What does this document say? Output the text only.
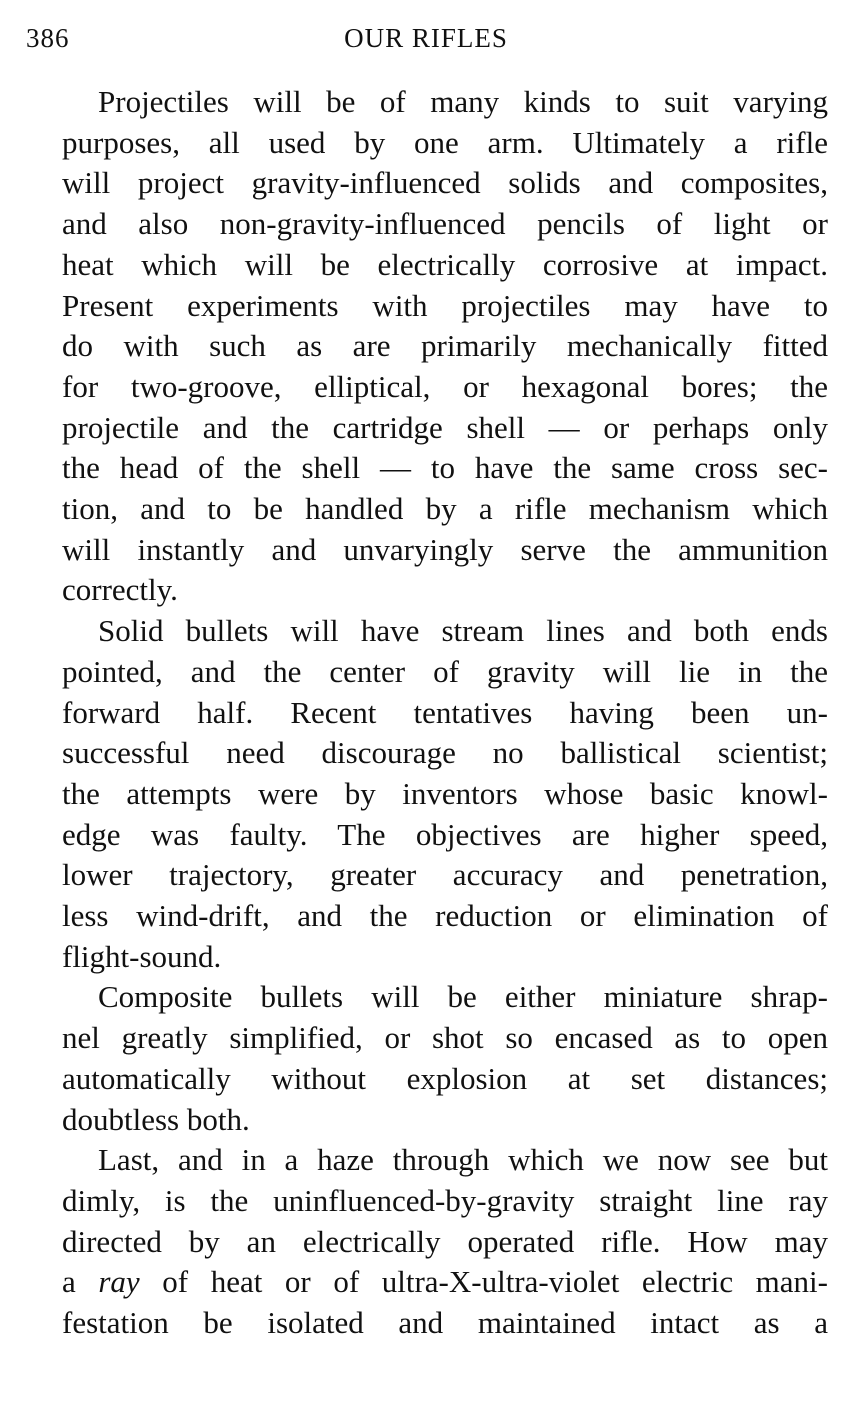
386	OUR RIFLES

Projectiles will be of many kinds to suit varying
purposes, all used by one arm. Ultimately a rifle
will project gravity-influenced solids and composites,
and also non-gravity-influenced pencils of light or
heat which will be electrically corrosive at impact.
Present experiments with projectiles may have to
do with such as are primarily mechanically fitted
for two-groove, elliptical, or hexagonal bores; the
projectile and the cartridge shell — or perhaps only
the head of the shell — to have the same cross sec-
tion, and to be handled by a rifle mechanism which
will instantly and unvaryingly serve the ammunition
correctly.

Solid bullets will have stream lines and both ends
pointed, and the center of gravity will lie in the
forward half. Recent tentatives having been un-
successful need discourage no ballistical scientist;
the attempts were by inventors whose basic knowl-
edge was faulty. The objectives are higher speed,
lower trajectory, greater accuracy and penetration,
less wind-drift, and the reduction or elimination of
flight-sound.

Composite bullets will be either miniature shrap-
nel greatly simplified, or shot so encased as to open
automatically without explosion at set distances;
doubtless both.

Last, and in a haze through which we now see but
dimly, is the uninfluenced-by-gravity straight line ray
directed by an electrically operated rifle. How may
a ray of heat or of ultra-X-ultra-violet electric mani-
festation be isolated and maintained intact as a
